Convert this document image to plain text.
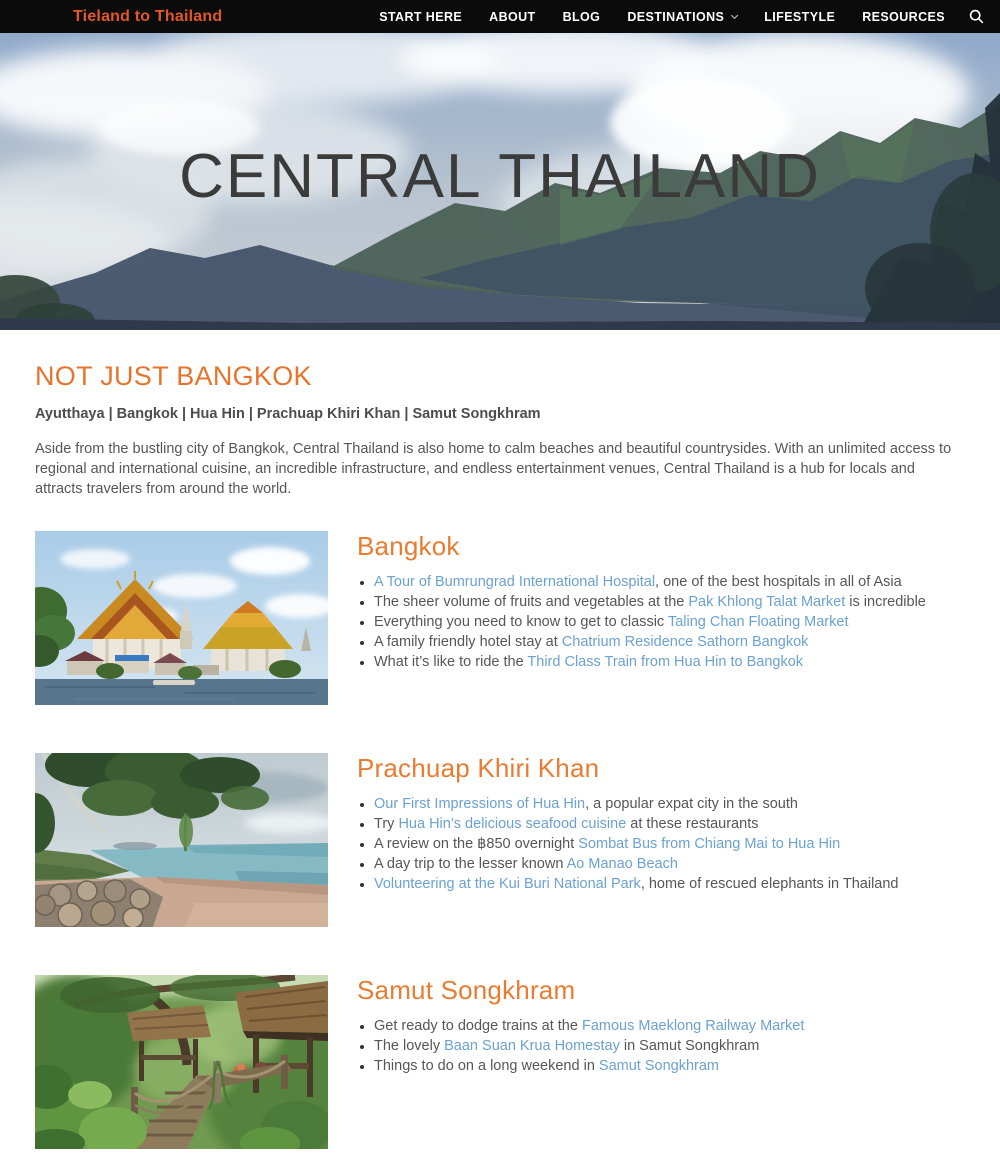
Tieland to Thailand	START HERE ABOUT BLOG DESTINATIONS	LIFESTYLE RESOURCES
CENTRAL THAILAND
NOT JUST BANGKOK

Ayutthaya | Bangkok | Hua Hin | Prachuap Khiri Khan | Samut Songkhram

Aside from the bustling city of Bangkok, Central Thailand is also home to calm beaches and beautiful countrysides. With an unlimited access to regional and international cuisine, an incredible infrastructure, and endless entertainment venues, Central Thailand is a hub for locals and attracts travelers from around the world.

Bangkok
• A Tour of Bumrungrad International Hospital, one of the best hospitals in all of Asia
• The sheer volume of fruits and vegetables at the Pak Khlong Talat Market is incredible
• Everything you need to know to get to classic Taling Chan Floating Market
• A family friendly hotel stay at Chatrium Residence Sathorn Bangkok
• What it’s like to ride the Third Class Train from Hua Hin to Bangkok
Prachuap Khiri Khan
• Our First Impressions of Hua Hin, a popular expat city in the south
• Try Hua Hin’s delicious seafood cuisine at these restaurants
• A review on the ฿850 overnight Sombat Bus from Chiang Mai to Hua Hin
• A day trip to the lesser known Ao Manao Beach
• Volunteering at the Kui Buri National Park, home of rescued elephants in Thailand
Samut Songkhram
• Get ready to dodge trains at the Famous Maeklong Railway Market
• The lovely Baan Suan Krua Homestay in Samut Songkhram
• Things to do on a long weekend in Samut Songkhram
